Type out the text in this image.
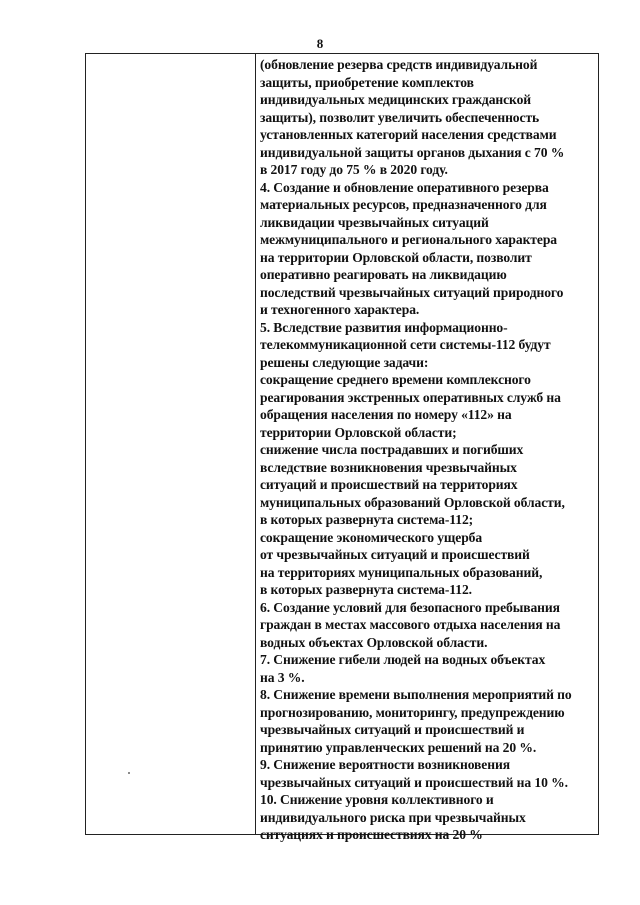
8
(обновление резерва средств индивидуальной
защиты, приобретение комплектов
индивидуальных медицинских гражданской
защиты), позволит увеличить обеспеченность
установленных категорий населения средствами
индивидуальной защиты органов дыхания с 70 %
в 2017 году до 75 % в 2020 году.
4. Создание и обновление оперативного резерва
материальных ресурсов, предназначенного для
ликвидации чрезвычайных ситуаций
межмуниципального и регионального характера
на территории Орловской области, позволит
оперативно реагировать на ликвидацию
последствий чрезвычайных ситуаций природного
и техногенного характера.
5. Вследствие развития информационно-
телекоммуникационной сети системы-112 будут
решены следующие задачи:
сокращение среднего времени комплексного
реагирования экстренных оперативных служб на
обращения населения по номеру «112» на
территории Орловской области;
снижение числа пострадавших и погибших
вследствие возникновения чрезвычайных
ситуаций и происшествий на территориях
муниципальных образований Орловской области,
в которых развернута система-112;
сокращение экономического ущерба
от чрезвычайных ситуаций и происшествий
на территориях муниципальных образований,
в которых развернута система-112.
6. Создание условий для безопасного пребывания
граждан в местах массового отдыха населения на
водных объектах Орловской области.
7. Снижение гибели людей на водных объектах
на 3 %.
8. Снижение времени выполнения мероприятий по
прогнозированию, мониторингу, предупреждению
чрезвычайных ситуаций и происшествий и
принятию управленческих решений на 20 %.
9. Снижение вероятности возникновения
чрезвычайных ситуаций и происшествий на 10 %.
10. Снижение уровня коллективного и
индивидуального риска при чрезвычайных
ситуациях и происшествиях на 20 %
